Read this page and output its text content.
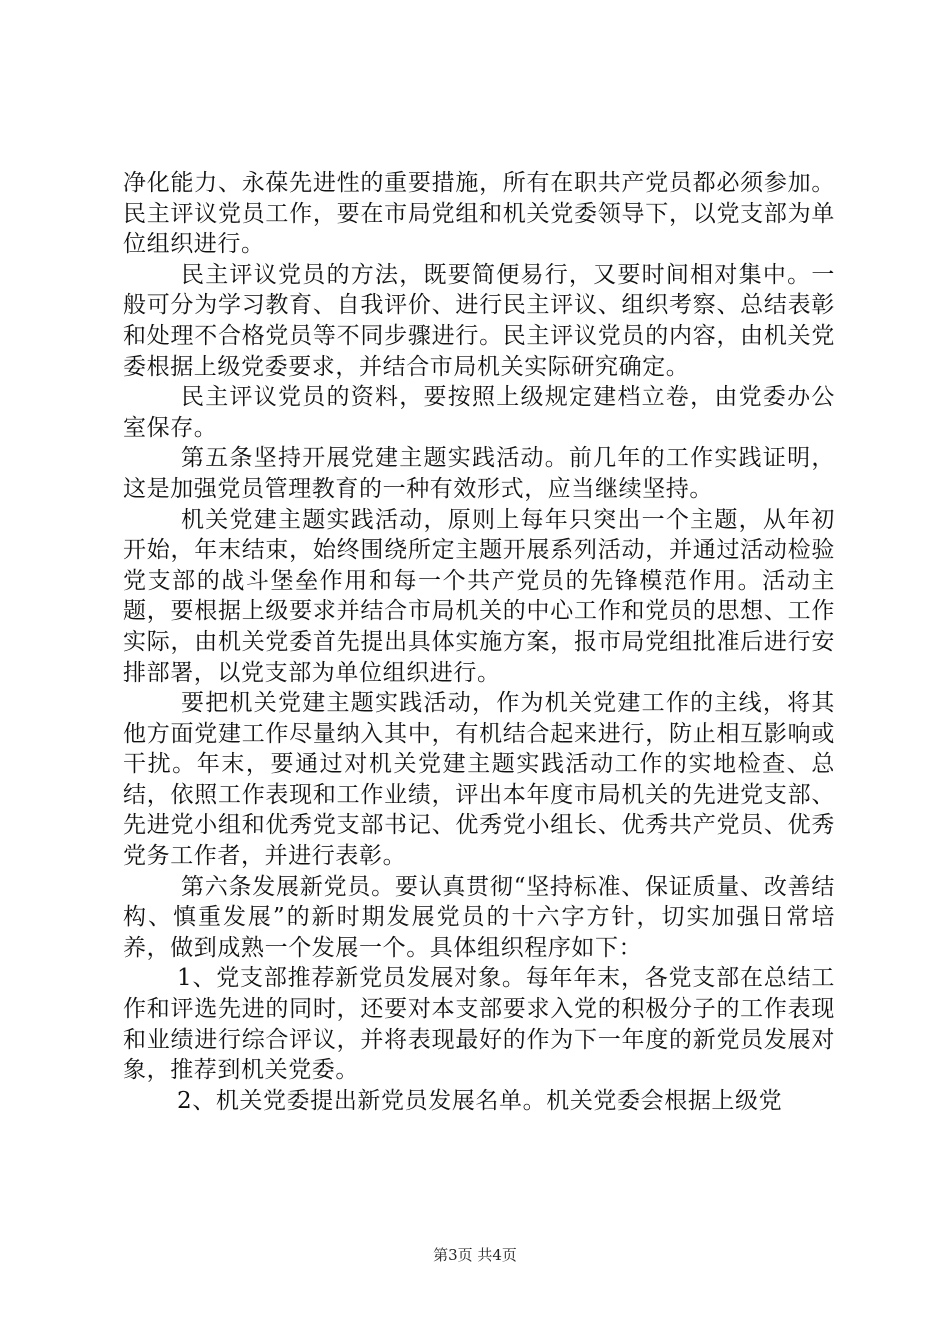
净化能力、永葆先进性的重要措施，所有在职共产党员都必须参加。民主评议党员工作，要在市局党组和机关党委领导下，以党支部为单位组织进行。

民主评议党员的方法，既要简便易行，又要时间相对集中。一般可分为学习教育、自我评价、进行民主评议、组织考察、总结表彰和处理不合格党员等不同步骤进行。民主评议党员的内容，由机关党委根据上级党委要求，并结合市局机关实际研究确定。

民主评议党员的资料，要按照上级规定建档立卷，由党委办公室保存。

第五条坚持开展党建主题实践活动。前几年的工作实践证明，这是加强党员管理教育的一种有效形式，应当继续坚持。

机关党建主题实践活动，原则上每年只突出一个主题，从年初开始，年末结束，始终围绕所定主题开展系列活动，并通过活动检验党支部的战斗堡垒作用和每一个共产党员的先锋模范作用。活动主题，要根据上级要求并结合市局机关的中心工作和党员的思想、工作实际，由机关党委首先提出具体实施方案，报市局党组批准后进行安排部署，以党支部为单位组织进行。

要把机关党建主题实践活动，作为机关党建工作的主线，将其他方面党建工作尽量纳入其中，有机结合起来进行，防止相互影响或干扰。年末，要通过对机关党建主题实践活动工作的实地检查、总结，依照工作表现和工作业绩，评出本年度市局机关的先进党支部、先进党小组和优秀党支部书记、优秀党小组长、优秀共产党员、优秀党务工作者，并进行表彰。

第六条发展新党员。要认真贯彻“坚持标准、保证质量、改善结构、慎重发展”的新时期发展党员的十六字方针，切实加强日常培养，做到成熟一个发展一个。具体组织程序如下：

1、党支部推荐新党员发展对象。每年年末，各党支部在总结工作和评选先进的同时，还要对本支部要求入党的积极分子的工作表现和业绩进行综合评议，并将表现最好的作为下一年度的新党员发展对象，推荐到机关党委。

2、机关党委提出新党员发展名单。机关党委会根据上级党

第3页 共4页
